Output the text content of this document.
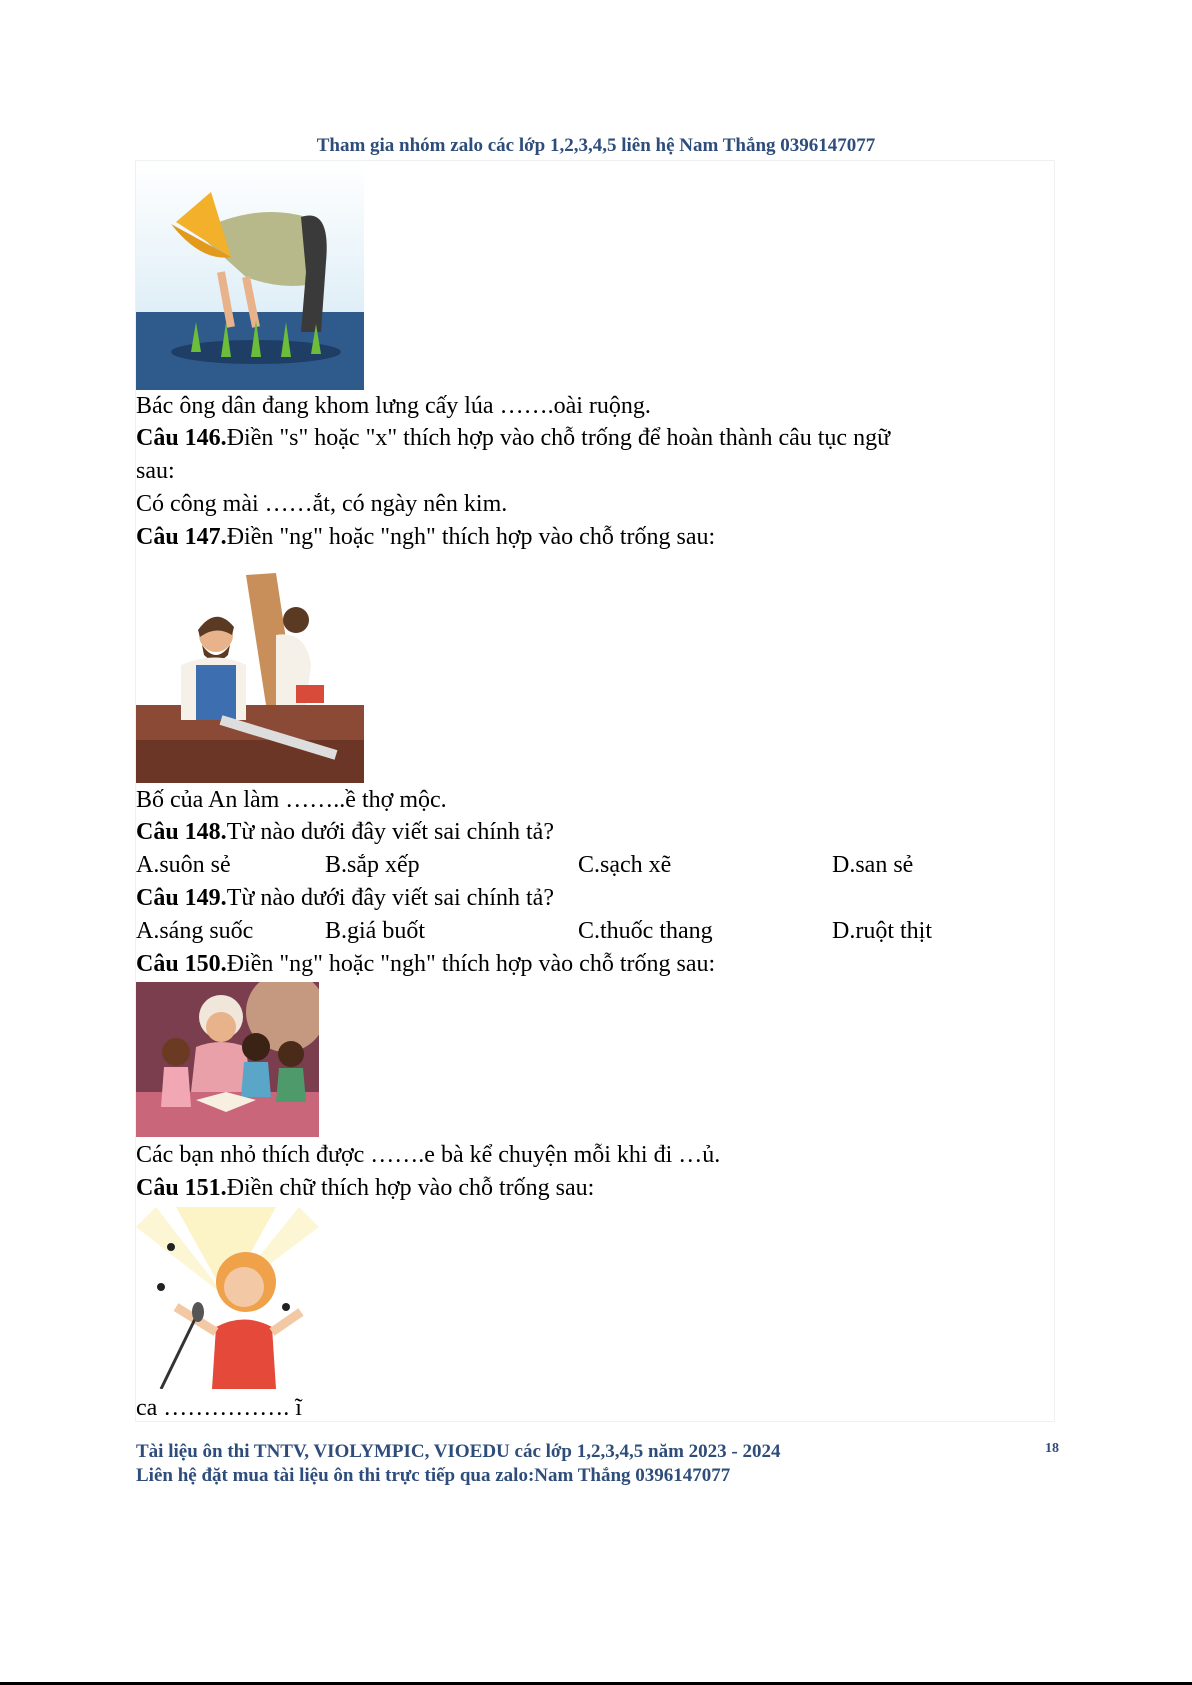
Tham gia nhóm zalo các lớp 1,2,3,4,5 liên hệ Nam Thắng 0396147077
Bác ông dân đang khom lưng cấy lúa …….oài ruộng.
Câu 146.Điền "s" hoặc "x" thích hợp vào chỗ trống để hoàn thành câu tục ngữ
sau:
Có công mài ……ắt, có ngày nên kim.
Câu 147.Điền "ng" hoặc "ngh" thích hợp vào chỗ trống sau:
Bố của An làm ……..ề thợ mộc.
Câu 148.Từ nào dưới đây viết sai chính tả?
A.suôn sẻ	B.sắp xếp	C.sạch xẽ	D.san sẻ
Câu 149.Từ nào dưới đây viết sai chính tả?
A.sáng suốc	B.giá buốt	C.thuốc thang	D.ruột thịt
Câu 150.Điền "ng" hoặc "ngh" thích hợp vào chỗ trống sau:
Các bạn nhỏ thích được …….e bà kể chuyện mỗi khi đi …ủ.
Câu 151.Điền chữ thích hợp vào chỗ trống sau:
ca ……………. ĩ
Tài liệu ôn thi TNTV, VIOLYMPIC, VIOEDU các lớp 1,2,3,4,5 năm 2023 - 2024
Liên hệ đặt mua tài liệu ôn thi trực tiếp qua zalo:Nam Thắng 0396147077
18
